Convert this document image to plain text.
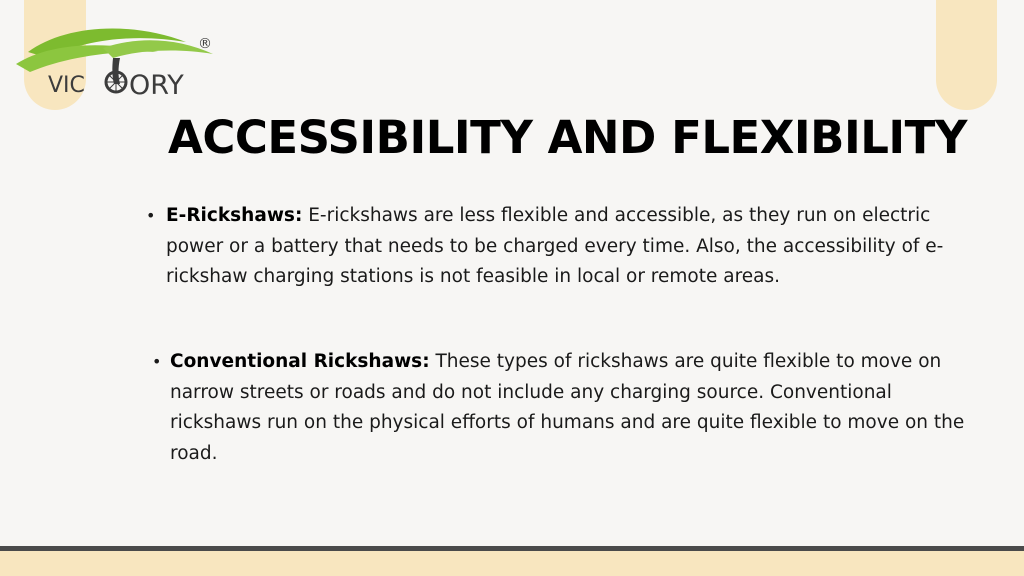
VIC ORY
®
ACCESSIBILITY AND FLEXIBILITY
• E-Rickshaws: E-rickshaws are less flexible and accessible, as they run on electric power or a battery that needs to be charged every time. Also, the accessibility of e-rickshaw charging stations is not feasible in local or remote areas.
• Conventional Rickshaws: These types of rickshaws are quite flexible to move on narrow streets or roads and do not include any charging source. Conventional rickshaws run on the physical efforts of humans and are quite flexible to move on the road.
